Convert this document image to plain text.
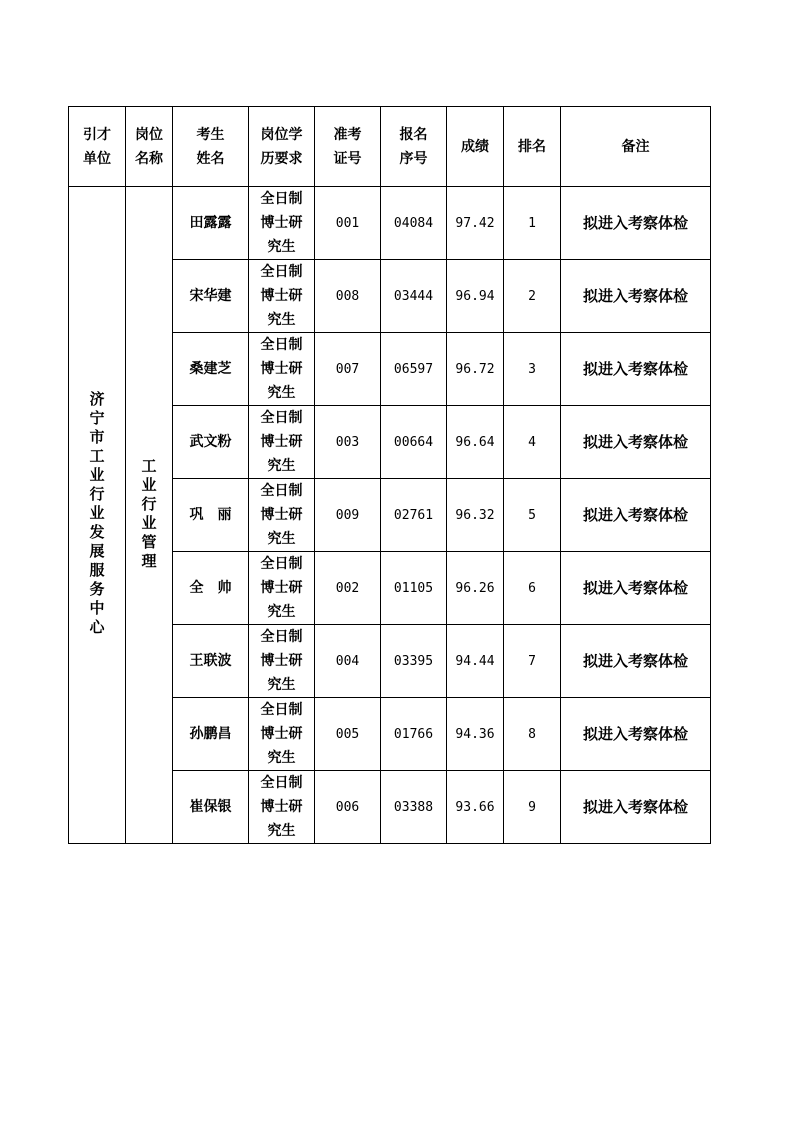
引才单位	岗位名称	考生姓名	岗位学历要求	准考证号	报名序号	成绩	排名	备注
济宁市工业行业发展服务中心	工业行业管理	田露露	全日制博士研究生	001	04084	97.42	1	拟进入考察体检
		宋华建	全日制博士研究生	008	03444	96.94	2	拟进入考察体检
		桑建芝	全日制博士研究生	007	06597	96.72	3	拟进入考察体检
		武文粉	全日制博士研究生	003	00664	96.64	4	拟进入考察体检
		巩　丽	全日制博士研究生	009	02761	96.32	5	拟进入考察体检
		全　帅	全日制博士研究生	002	01105	96.26	6	拟进入考察体检
		王联波	全日制博士研究生	004	03395	94.44	7	拟进入考察体检
		孙鹏昌	全日制博士研究生	005	01766	94.36	8	拟进入考察体检
		崔保银	全日制博士研究生	006	03388	93.66	9	拟进入考察体检
